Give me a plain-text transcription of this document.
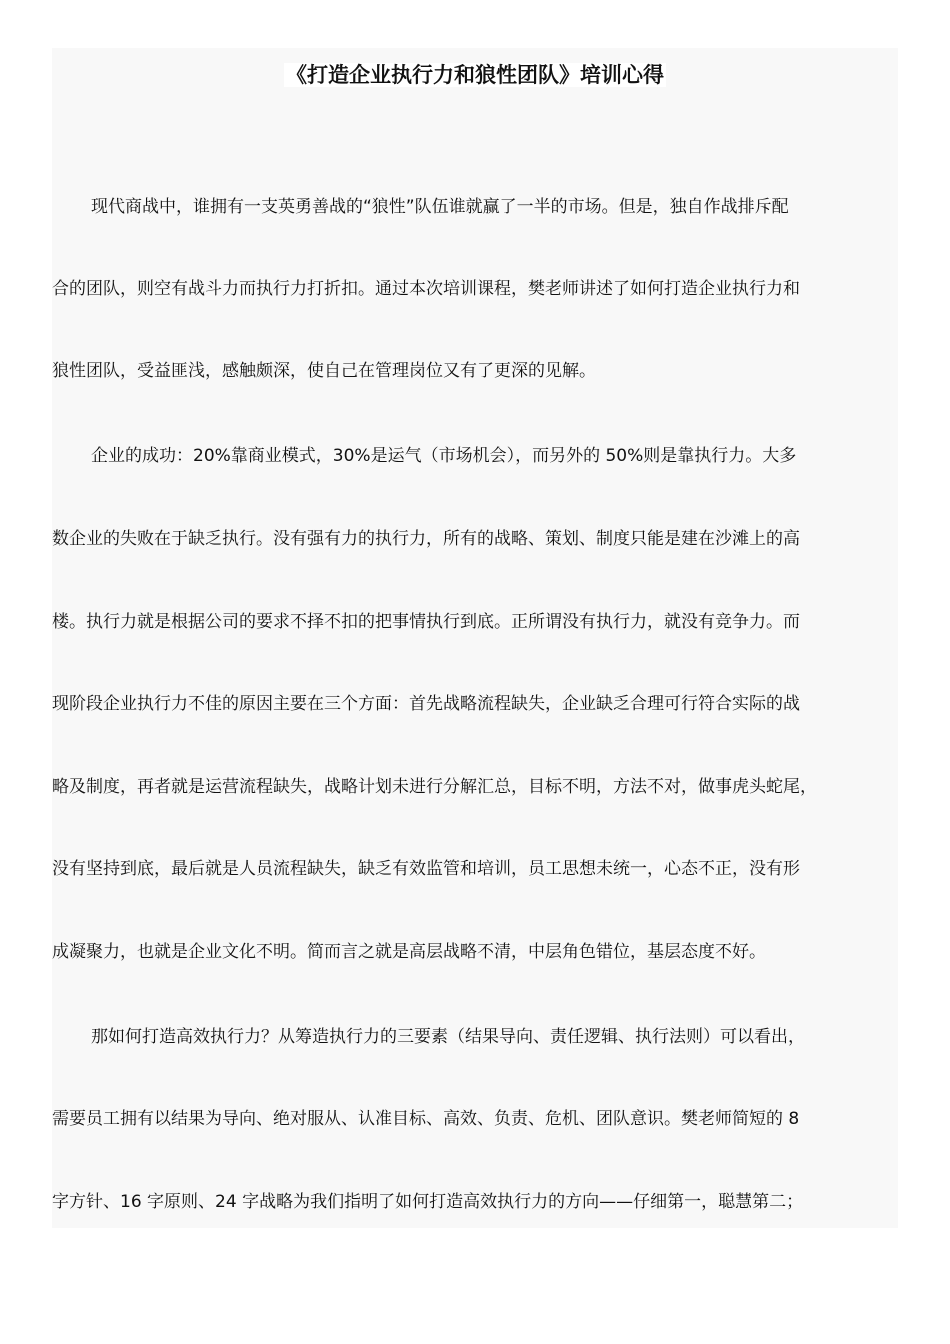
《打造企业执行力和狼性团队》培训心得

现代商战中，谁拥有一支英勇善战的“狼性”队伍谁就赢了一半的市场。但是，独自作战排斥配

合的团队，则空有战斗力而执行力打折扣。通过本次培训课程，樊老师讲述了如何打造企业执行力和

狼性团队，受益匪浅，感触颇深，使自己在管理岗位又有了更深的见解。

企业的成功：20%靠商业模式，30%是运气（市场机会），而另外的 50%则是靠执行力。大多

数企业的失败在于缺乏执行。没有强有力的执行力，所有的战略、策划、制度只能是建在沙滩上的高

楼。执行力就是根据公司的要求不择不扣的把事情执行到底。正所谓没有执行力，就没有竞争力。而

现阶段企业执行力不佳的原因主要在三个方面：首先战略流程缺失，企业缺乏合理可行符合实际的战

略及制度，再者就是运营流程缺失，战略计划未进行分解汇总，目标不明，方法不对，做事虎头蛇尾，

没有坚持到底，最后就是人员流程缺失，缺乏有效监管和培训，员工思想未统一，心态不正，没有形

成凝聚力，也就是企业文化不明。简而言之就是高层战略不清，中层角色错位，基层态度不好。

那如何打造高效执行力？从筹造执行力的三要素（结果导向、责任逻辑、执行法则）可以看出，

需要员工拥有以结果为导向、绝对服从、认准目标、高效、负责、危机、团队意识。樊老师简短的 8

字方针、16 字原则、24 字战略为我们指明了如何打造高效执行力的方向——仔细第一，聪慧第二；
